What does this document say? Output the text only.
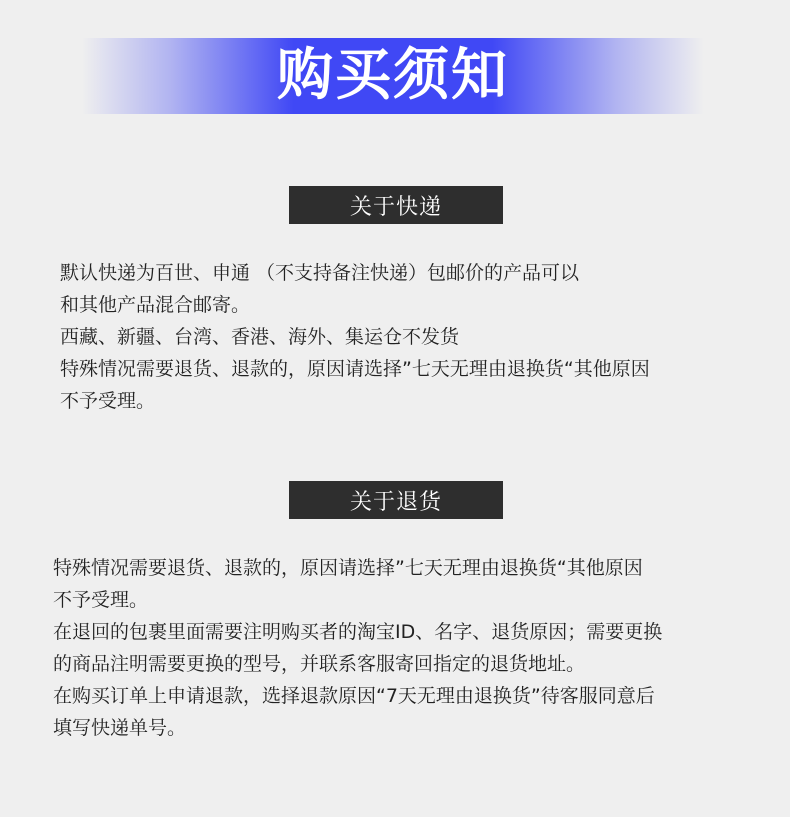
购买须知
关于快递

默认快递为百世、申通 （不支持备注快递）包邮价的产品可以

和其他产品混合邮寄。

西藏、新疆、台湾、香港、海外、集运仓不发货

特殊情况需要退货、退款的，原因请选择”七天无理由退换货“其他原因

不予受理。

关于退货

特殊情况需要退货、退款的，原因请选择”七天无理由退换货“其他原因

不予受理。

在退回的包裹里面需要注明购买者的淘宝ID、名字、退货原因；需要更换

的商品注明需要更换的型号，并联系客服寄回指定的退货地址。

在购买订单上申请退款，选择退款原因“7天无理由退换货”待客服同意后

填写快递单号。
